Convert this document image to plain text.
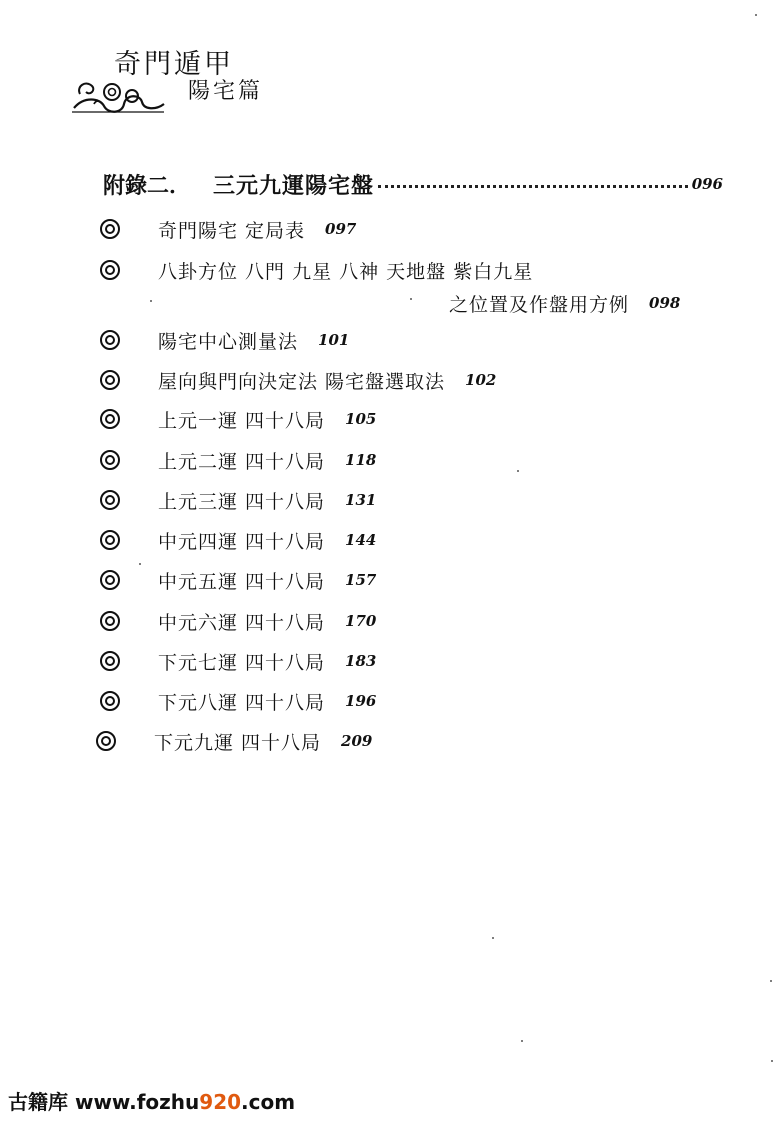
奇門遁甲
陽宅篇
附錄二． 三元九運陽宅盤	096
奇門陽宅 定局表 097
八卦方位 八門 九星 八神 天地盤 紫白九星
之位置及作盤用方例 098
陽宅中心測量法 101
屋向與門向決定法 陽宅盤選取法 102
上元一運 四十八局 105
上元二運 四十八局 118
上元三運 四十八局 131
中元四運 四十八局 144
中元五運 四十八局 157
中元六運 四十八局 170
下元七運 四十八局 183
下元八運 四十八局 196
下元九運 四十八局 209
古籍库 www.fozhu920.com
